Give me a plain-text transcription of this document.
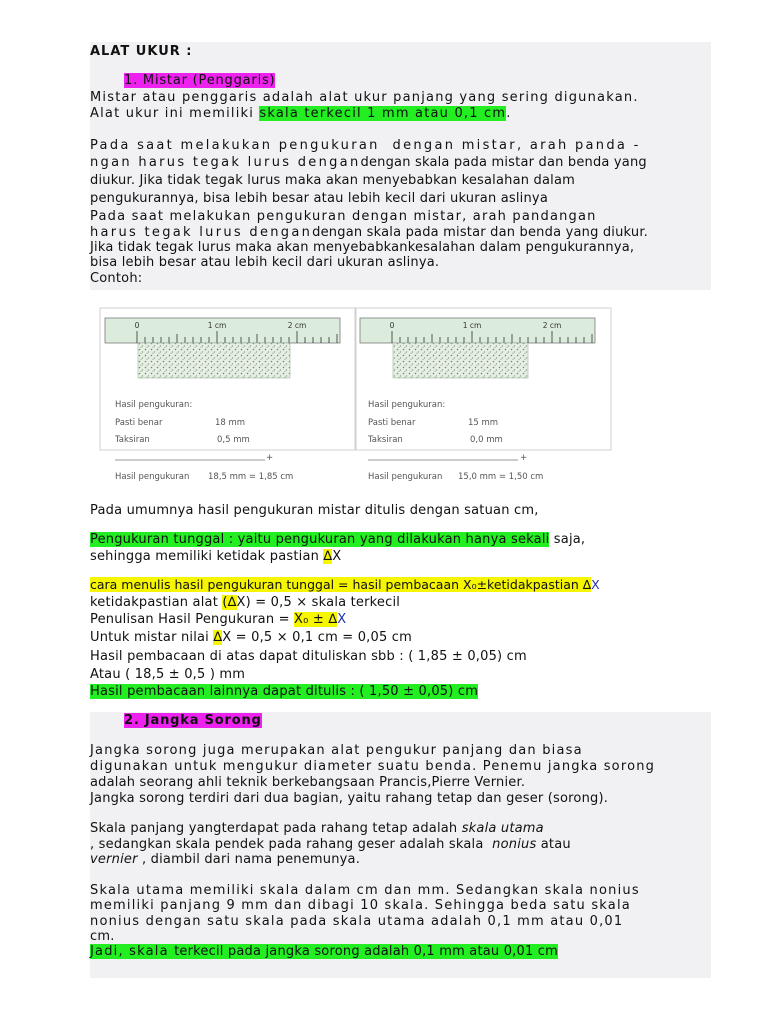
ALAT UKUR :
1. Mistar (Penggaris)
Mistar atau penggaris adalah alat ukur panjang yang sering digunakan.
Alat ukur ini memiliki skala terkecil 1 mm atau 0,1 cm.
Pada saat melakukan pengukuran  dengan mistar, arah panda -
ngan harus tegak lurus dengandengan skala pada mistar dan benda yang
diukur. Jika tidak tegak lurus maka akan menyebabkan kesalahan dalam
pengukurannya, bisa lebih besar atau lebih kecil dari ukuran aslinya
Pada saat melakukan pengukuran dengan mistar, arah pandangan
harus tegak lurus dengandengan skala pada mistar dan benda yang diukur.
Jika tidak tegak lurus maka akan menyebabkankesalahan dalam pengukurannya,
bisa lebih besar atau lebih kecil dari ukuran aslinya.
Contoh:
0	1 cm	2 cm	0	1 cm	2 cm
Hasil pengukuran:
Pasti benar	18 mm
Taksiran	0,5 mm
+
Hasil pengukuran 18,5 mm = 1,85 cm
Hasil pengukuran:
Pasti benar	15 mm
Taksiran	0,0 mm
+
Hasil pengukuran 15,0 mm = 1,50 cm
Pada umumnya hasil pengukuran mistar ditulis dengan satuan cm,
Pengukuran tunggal : yaitu pengukuran yang dilakukan hanya sekali saja,
sehingga memiliki ketidak pastian ∆X
cara menulis hasil pengukuran tunggal = hasil pembacaan X₀±ketidakpastian ∆X
ketidakpastian alat (∆X) = 0,5 × skala terkecil
Penulisan Hasil Pengukuran = X₀ ± ∆X
Untuk mistar nilai ∆X = 0,5 × 0,1 cm = 0,05 cm
Hasil pembacaan di atas dapat dituliskan sbb : ( 1,85 ± 0,05) cm
Atau ( 18,5 ± 0,5 ) mm
Hasil pembacaan lainnya dapat ditulis : ( 1,50 ± 0,05) cm
2. Jangka Sorong
Jangka sorong juga merupakan alat pengukur panjang dan biasa
digunakan untuk mengukur diameter suatu benda. Penemu jangka sorong
adalah seorang ahli teknik berkebangsaan Prancis,Pierre Vernier.
Jangka sorong terdiri dari dua bagian, yaitu rahang tetap dan geser (sorong).
Skala panjang yangterdapat pada rahang tetap adalah skala utama
, sedangkan skala pendek pada rahang geser adalah skala  nonius atau
vernier , diambil dari nama penemunya.
Skala utama memiliki skala dalam cm dan mm. Sedangkan skala nonius
memiliki panjang 9 mm dan dibagi 10 skala. Sehingga beda satu skala
nonius dengan satu skala pada skala utama adalah 0,1 mm atau 0,01
cm.
Jadi, skala terkecil pada jangka sorong adalah 0,1 mm atau 0,01 cm
